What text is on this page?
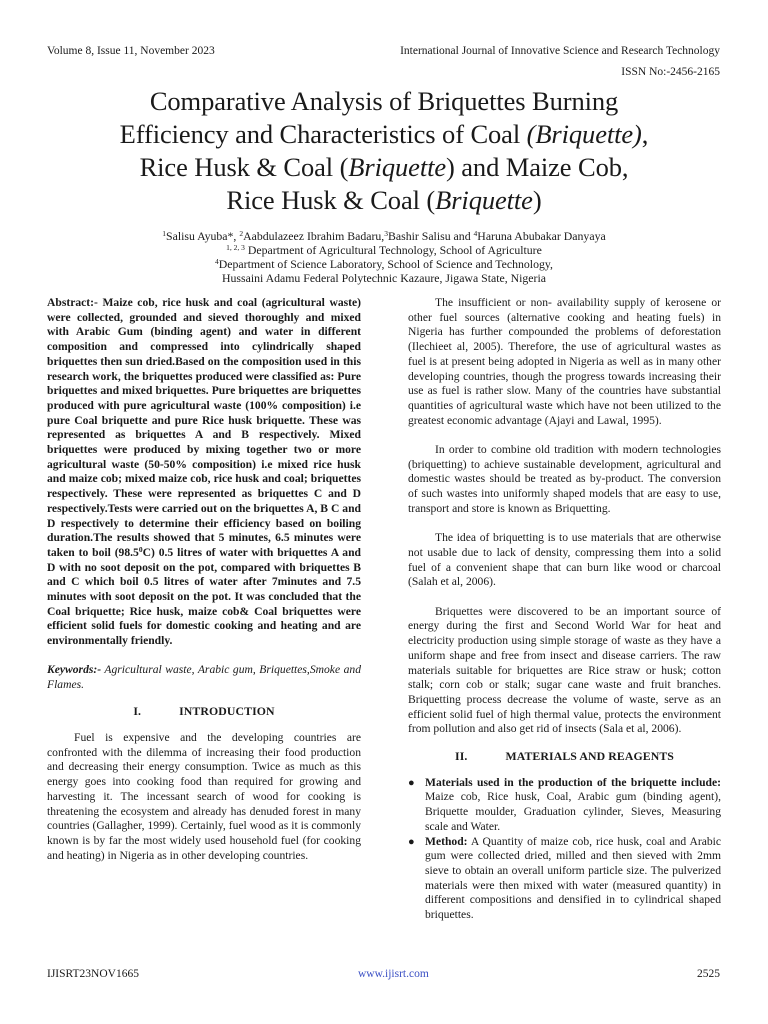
Volume 8, Issue 11, November 2023	International Journal of Innovative Science and Research Technology
ISSN No:-2456-2165
Comparative Analysis of Briquettes Burning
Efficiency and Characteristics of Coal (Briquette),
Rice Husk & Coal (Briquette) and Maize Cob,
Rice Husk & Coal (Briquette)
$^1$Salisu Ayuba*, $^2$Aabdulazeez Ibrahim Badaru,$^3$Bashir Salisu and $^4$Haruna Abubakar Danyaya
$^{1, 2, 3}$ Department of Agricultural Technology, School of Agriculture
$^4$Department of Science Laboratory, School of Science and Technology,
Hussaini Adamu Federal Polytechnic Kazaure, Jigawa State, Nigeria

Abstract:- Maize cob, rice husk and coal (agricultural waste) were collected, grounded and sieved thoroughly and mixed with Arabic Gum (binding agent) and water in different composition and compressed into cylindrically shaped briquettes then sun dried.Based on the composition used in this research work, the briquettes produced were classified as: Pure briquettes and mixed briquettes. Pure briquettes are briquettes produced with pure agricultural waste (100% composition) i.e pure Coal briquette and pure Rice husk briquette. These was represented as briquettes A and B respectively. Mixed briquettes were produced by mixing together two or more agricultural waste (50-50% composition) i.e mixed rice husk and maize cob; mixed maize cob, rice husk and coal; briquettes respectively. These were represented as briquettes C and D respectively.Tests were carried out on the briquettes A, B C and D respectively to determine their efficiency based on boiling duration.The results showed that 5 minutes, 6.5 minutes were taken to boil (98.5$^0$C) 0.5 litres of water with briquettes A and D with no soot deposit on the pot, compared with briquettes B and C which boil 0.5 litres of water after 7minutes and 7.5 minutes with soot deposit on the pot. It was concluded that the Coal briquette; Rice husk, maize cob& Coal briquettes were efficient solid fuels for domestic cooking and heating and are environmentally friendly.

Keywords:- Agricultural waste, Arabic gum, Briquettes,Smoke and Flames.

I.	INTRODUCTION

Fuel is expensive and the developing countries are confronted with the dilemma of increasing their food production and decreasing their energy consumption. Twice as much as this energy goes into cooking food than required for growing and harvesting it. The incessant search of wood for cooking is threatening the ecosystem and already has denuded forest in many countries (Gallagher, 1999). Certainly, fuel wood as it is commonly known is by far the most widely used household fuel (for cooking and heating) in Nigeria as in other developing countries.

The insufficient or non- availability supply of kerosene or other fuel sources (alternative cooking and heating fuels) in Nigeria has further compounded the problems of deforestation (Ilechieet al, 2005). Therefore, the use of agricultural wastes as fuel is at present being adopted in Nigeria as well as in many other developing countries, though the progress towards increasing their use as fuel is rather slow. Many of the countries have substantial quantities of agricultural waste which have not been utilized to the greatest economic advantage (Ajayi and Lawal, 1995).

In order to combine old tradition with modern technologies (briquetting) to achieve sustainable development, agricultural and domestic wastes should be treated as by-product. The conversion of such wastes into uniformly shaped models that are easy to use, transport and store is known as Briquetting.

The idea of briquetting is to use materials that are otherwise not usable due to lack of density, compressing them into a solid fuel of a convenient shape that can burn like wood or charcoal (Salah et al, 2006).

Briquettes were discovered to be an important source of energy during the first and Second World War for heat and electricity production using simple storage of waste as they have a uniform shape and free from insect and disease carriers. The raw materials suitable for briquettes are Rice straw or husk; cotton stalk; corn cob or stalk; sugar cane waste and fruit branches. Briquetting process decrease the volume of waste, serve as an efficient solid fuel of high thermal value, protects the environment from pollution and also get rid of insects (Sala et al, 2006).

II.	MATERIALS AND REAGENTS
● Materials used in the production of the briquette include: Maize cob, Rice husk, Coal, Arabic gum (binding agent), Briquette moulder, Graduation cylinder, Sieves, Measuring scale and Water.
● Method: A Quantity of maize cob, rice husk, coal and Arabic gum were collected dried, milled and then sieved with 2mm sieve to obtain an overall uniform particle size. The pulverized materials were then mixed with water (measured quantity) in different compositions and densified in to cylindrical shaped briquettes.
IJISRT23NOV1665	www.ijisrt.com	2525
